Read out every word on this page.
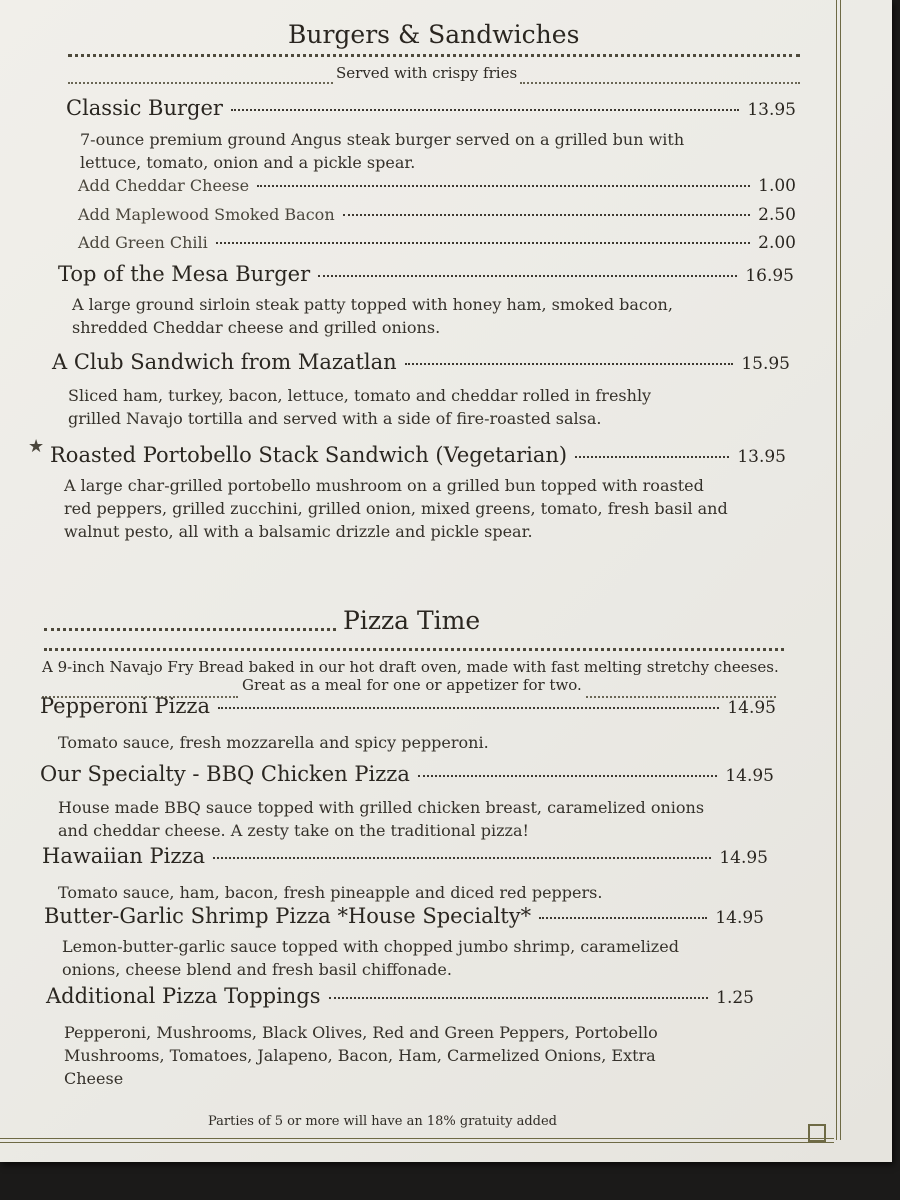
Burgers & Sandwiches
Served with crispy fries
Classic Burger	13.95
7-ounce premium ground Angus steak burger served on a grilled bun with lettuce, tomato, onion and a pickle spear.
Add Cheddar Cheese	1.00
Add Maplewood Smoked Bacon	2.50
Add Green Chili	2.00
Top of the Mesa Burger	16.95
A large ground sirloin steak patty topped with honey ham, smoked bacon, shredded Cheddar cheese and grilled onions.
A Club Sandwich from Mazatlan	15.95
Sliced ham, turkey, bacon, lettuce, tomato and cheddar rolled in freshly grilled Navajo tortilla and served with a side of fire-roasted salsa.
★ Roasted Portobello Stack Sandwich (Vegetarian)	13.95
A large char-grilled portobello mushroom on a grilled bun topped with roasted red peppers, grilled zucchini, grilled onion, mixed greens, tomato, fresh basil and walnut pesto, all with a balsamic drizzle and pickle spear.
Pizza Time
A 9-inch Navajo Fry Bread baked in our hot draft oven, made with fast melting stretchy cheeses.
Great as a meal for one or appetizer for two.
Pepperoni Pizza	14.95
Tomato sauce, fresh mozzarella and spicy pepperoni.
Our Specialty - BBQ Chicken Pizza	14.95
House made BBQ sauce topped with grilled chicken breast, caramelized onions and cheddar cheese. A zesty take on the traditional pizza!
Hawaiian Pizza	14.95
Tomato sauce, ham, bacon, fresh pineapple and diced red peppers.
Butter-Garlic Shrimp Pizza *House Specialty*	14.95
Lemon-butter-garlic sauce topped with chopped jumbo shrimp, caramelized onions, cheese blend and fresh basil chiffonade.
Additional Pizza Toppings	1.25
Pepperoni, Mushrooms, Black Olives, Red and Green Peppers, Portobello Mushrooms, Tomatoes, Jalapeno, Bacon, Ham, Carmelized Onions, Extra Cheese
Parties of 5 or more will have an 18% gratuity added
